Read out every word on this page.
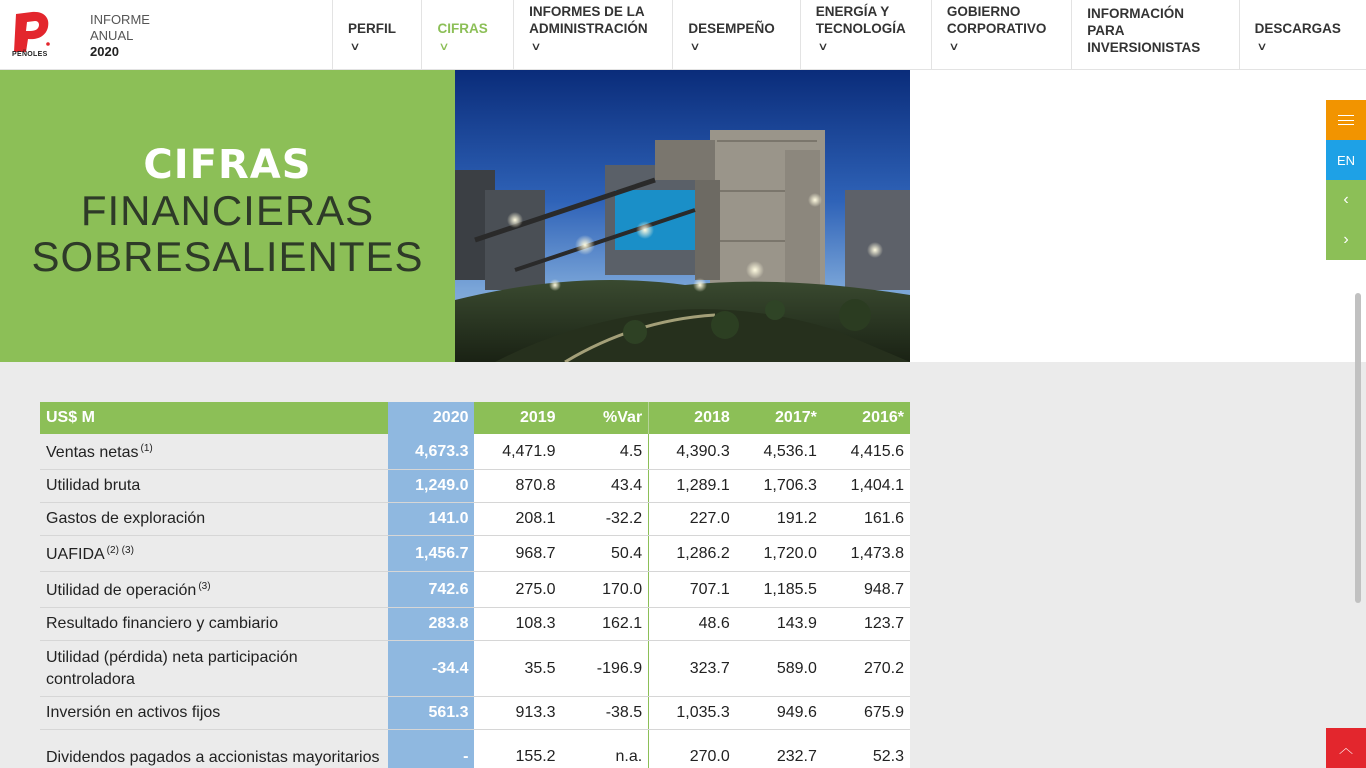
PEÑOLES
INFORME
ANUAL
2020
PERFIL∨
CIFRAS∨
INFORMES DE LA
ADMINISTRACIÓN∨
DESEMPEÑO∨
ENERGÍA Y
TECNOLOGÍA∨
GOBIERNO
CORPORATIVO∨
INFORMACIÓN PARA
INVERSIONISTAS
DESCARGAS∨
CIFRAS
FINANCIERAS
SOBRESALIENTES
EN
‹
›
︿
US$ M	2020	2019	%Var	2018	2017*	2016*
Ventas netas $^{(1)}$	4,673.3	4,471.9	4.5	4,390.3	4,536.1	4,415.6
Utilidad bruta	1,249.0	870.8	43.4	1,289.1	1,706.3	1,404.1
Gastos de exploración	141.0	208.1	-32.2	227.0	191.2	161.6
UAFIDA $^{(2) (3)}$	1,456.7	968.7	50.4	1,286.2	1,720.0	1,473.8
Utilidad de operación $^{(3)}$	742.6	275.0	170.0	707.1	1,185.5	948.7
Resultado financiero y cambiario	283.8	108.3	162.1	48.6	143.9	123.7
Utilidad (pérdida) neta participación controladora	-34.4	35.5	-196.9	323.7	589.0	270.2
Inversión en activos fijos	561.3	913.3	-38.5	1,035.3	949.6	675.9
Dividendos pagados a accionistas mayoritarios	-	155.2	n.a.	270.0	232.7	52.3
